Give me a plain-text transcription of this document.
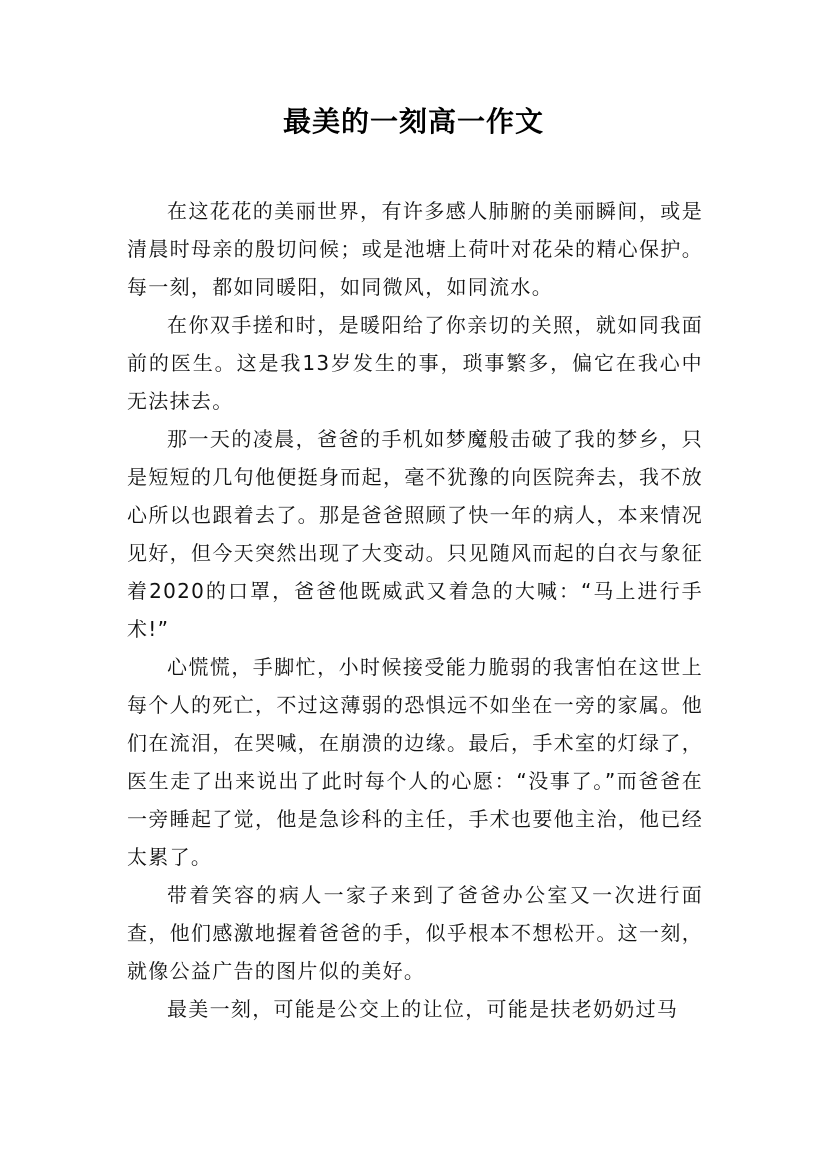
最美的一刻高一作文

在这花花的美丽世界，有许多感人肺腑的美丽瞬间，或是清晨时母亲的殷切问候；或是池塘上荷叶对花朵的精心保护。每一刻，都如同暖阳，如同微风，如同流水。

在你双手搓和时，是暖阳给了你亲切的关照，就如同我面前的医生。这是我13岁发生的事，琐事繁多，偏它在我心中无法抹去。

那一天的凌晨，爸爸的手机如梦魔般击破了我的梦乡，只是短短的几句他便挺身而起，毫不犹豫的向医院奔去，我不放心所以也跟着去了。那是爸爸照顾了快一年的病人，本来情况见好，但今天突然出现了大变动。只见随风而起的白衣与象征着2020的口罩，爸爸他既威武又着急的大喊：“马上进行手术!”

心慌慌，手脚忙，小时候接受能力脆弱的我害怕在这世上每个人的死亡，不过这薄弱的恐惧远不如坐在一旁的家属。他们在流泪，在哭喊，在崩溃的边缘。最后，手术室的灯绿了，医生走了出来说出了此时每个人的心愿：“没事了。”而爸爸在一旁睡起了觉，他是急诊科的主任，手术也要他主治，他已经太累了。

带着笑容的病人一家子来到了爸爸办公室又一次进行面查，他们感激地握着爸爸的手，似乎根本不想松开。这一刻，就像公益广告的图片似的美好。

最美一刻，可能是公交上的让位，可能是扶老奶奶过马
